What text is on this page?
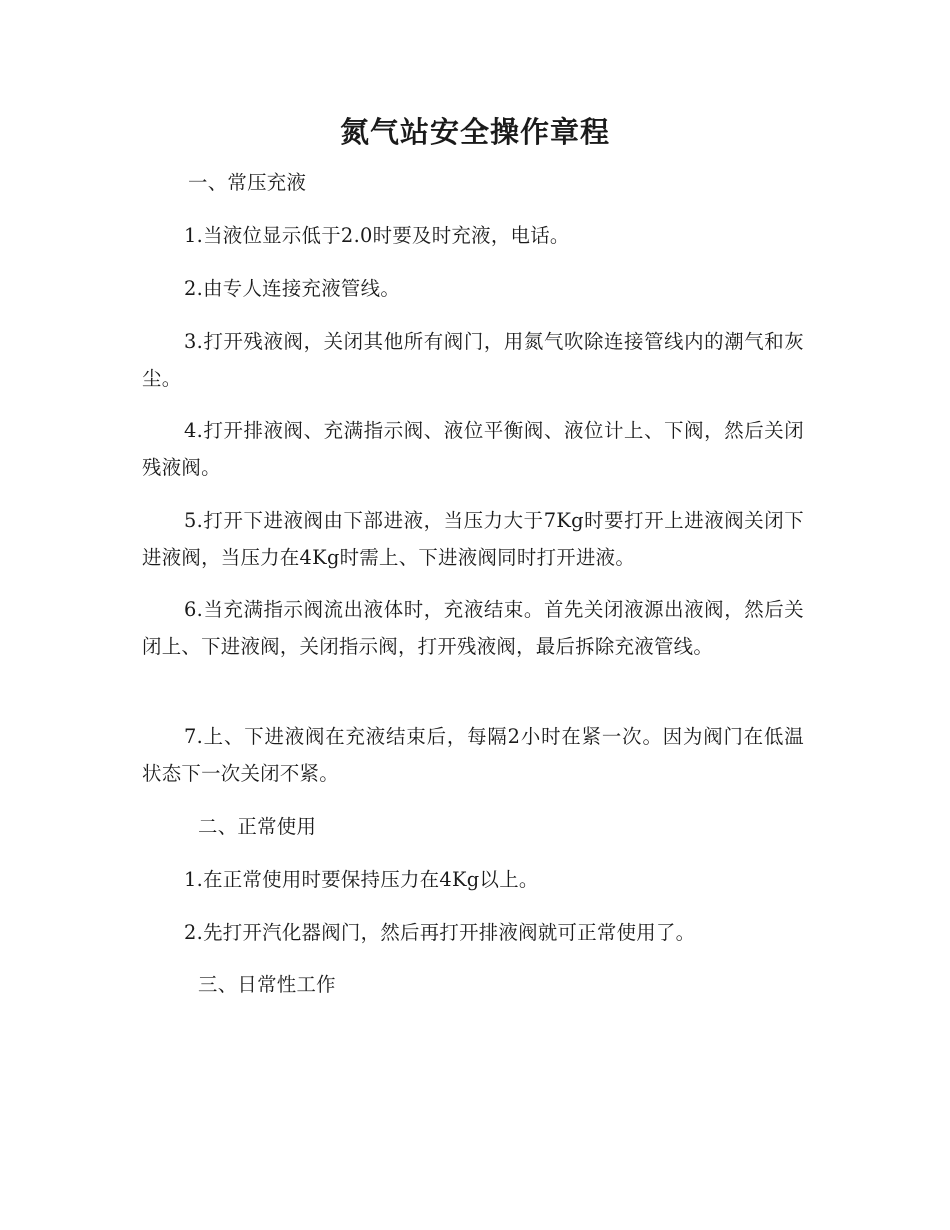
氮气站安全操作章程

一、常压充液

1.当液位显示低于2.0时要及时充液，电话。

2.由专人连接充液管线。

3.打开残液阀，关闭其他所有阀门，用氮气吹除连接管线内的潮气和灰尘。

4.打开排液阀、充满指示阀、液位平衡阀、液位计上、下阀，然后关闭残液阀。

5.打开下进液阀由下部进液，当压力大于7Kg时要打开上进液阀关闭下进液阀，当压力在4Kg时需上、下进液阀同时打开进液。

6.当充满指示阀流出液体时，充液结束。首先关闭液源出液阀，然后关闭上、下进液阀，关闭指示阀，打开残液阀，最后拆除充液管线。

7.上、下进液阀在充液结束后，每隔2小时在紧一次。因为阀门在低温状态下一次关闭不紧。

二、正常使用

1.在正常使用时要保持压力在4Kg以上。

2.先打开汽化器阀门，然后再打开排液阀就可正常使用了。

三、日常性工作
